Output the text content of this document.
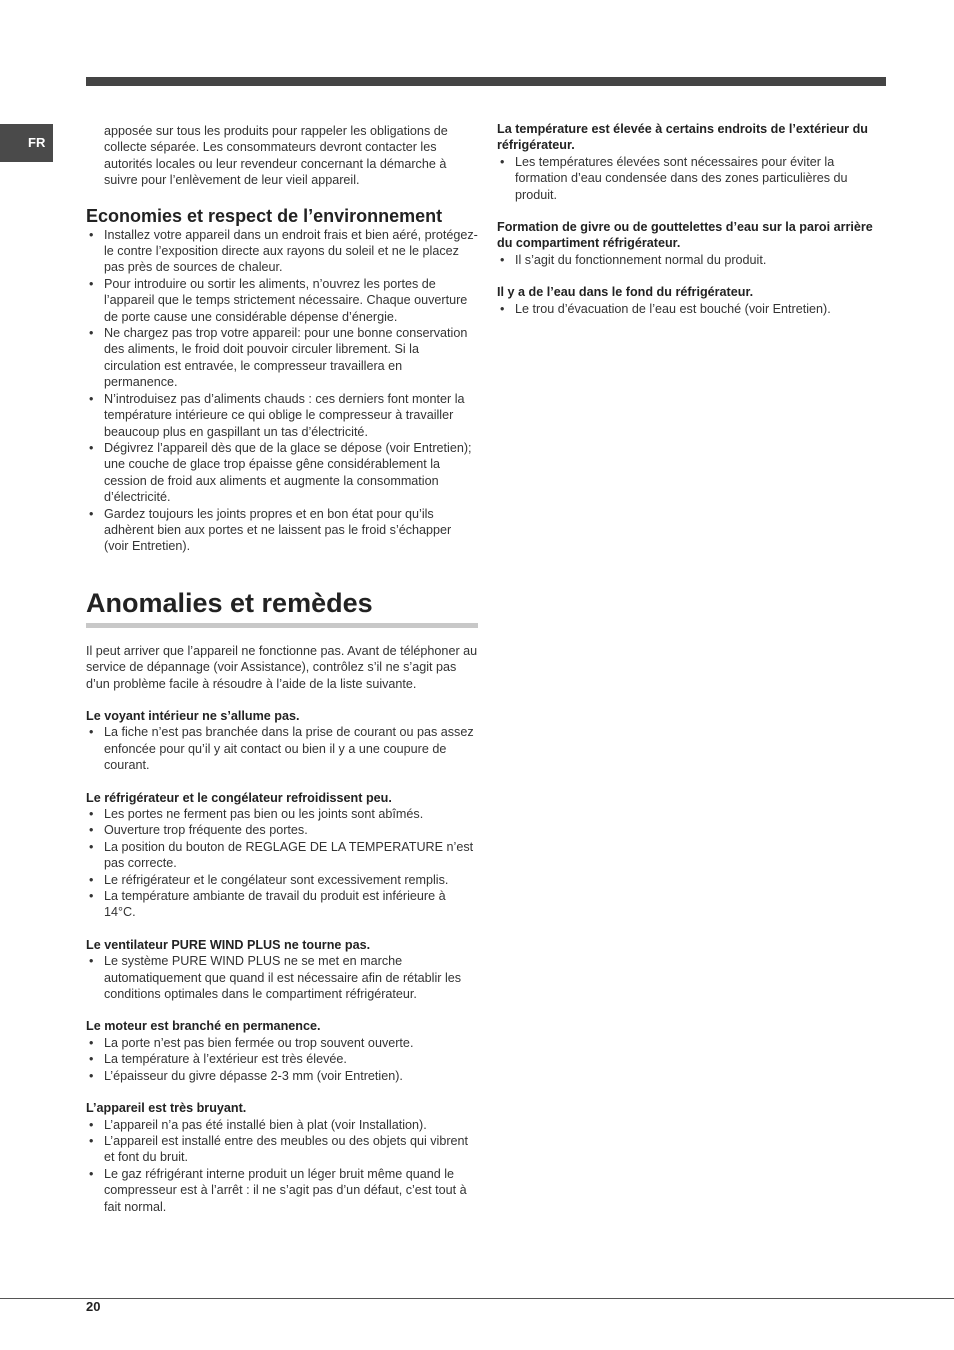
FR

apposée sur tous les produits pour rappeler les obligations de collecte séparée. Les consommateurs devront contacter les autorités locales ou leur revendeur concernant la démarche à suivre pour l’enlèvement de leur vieil appareil.

Economies et respect de l’environnement
• Installez votre appareil dans un endroit frais et bien aéré, protégez-le contre l’exposition directe aux rayons du soleil et ne le placez pas près de sources de chaleur.
• Pour introduire ou sortir les aliments, n’ouvrez les portes de l’appareil que le temps strictement nécessaire. Chaque ouverture de porte cause une considérable dépense d’énergie.
• Ne chargez pas trop votre appareil: pour une bonne conservation des aliments, le froid doit pouvoir circuler librement. Si la circulation est entravée, le compresseur travaillera en permanence.
• N’introduisez pas d’aliments chauds : ces derniers font monter la température intérieure ce qui oblige le compresseur à travailler beaucoup plus en gaspillant un tas d’électricité.
• Dégivrez l’appareil dès que de la glace se dépose (voir Entretien); une couche de glace trop épaisse gêne considérablement la cession de froid aux aliments et augmente la consommation d’électricité.
• Gardez toujours les joints propres et en bon état pour qu’ils adhèrent bien aux portes et ne laissent pas le froid s’échapper (voir Entretien).
Anomalies et remèdes

Il peut arriver que l’appareil ne fonctionne pas. Avant de téléphoner au service de dépannage (voir Assistance), contrôlez s’il ne s’agit pas d’un problème facile à résoudre à l’aide de la liste suivante.

Le voyant intérieur ne s’allume pas.

• La fiche n’est pas branchée dans la prise de courant ou pas assez enfoncée pour qu’il y ait contact ou bien il y a une coupure de courant.

Le réfrigérateur et le congélateur refroidissent peu.

• Les portes ne ferment pas bien ou les joints sont abîmés.
• Ouverture trop fréquente des portes.
• La position du bouton de REGLAGE DE LA TEMPERATURE n’est pas correcte.
• Le réfrigérateur et le congélateur sont excessivement remplis.
• La température ambiante de travail du produit est inférieure à 14°C.

Le ventilateur PURE WIND PLUS ne tourne pas.

• Le système PURE WIND PLUS ne se met en marche automatiquement que quand il est nécessaire afin de rétablir les conditions optimales dans le compartiment réfrigérateur.

Le moteur est branché en permanence.

• La porte n’est pas bien fermée ou trop souvent ouverte.
• La température à l’extérieur est très élevée.
• L’épaisseur du givre dépasse 2-3 mm (voir Entretien).

L’appareil est très bruyant.

• L’appareil n’a pas été installé bien à plat (voir Installation).
• L’appareil est installé entre des meubles ou des objets qui vibrent et font du bruit.
• Le gaz réfrigérant interne produit un léger bruit même quand le compresseur est à l’arrêt : il ne s’agit pas d’un défaut, c’est tout à fait normal.

La température est élevée à certains endroits de l’extérieur du réfrigérateur.

• Les températures élevées sont nécessaires pour éviter la formation d’eau condensée dans des zones particulières du produit.

Formation de givre ou de gouttelettes d’eau sur la paroi arrière du compartiment réfrigérateur.

• Il s’agit du fonctionnement normal du produit.

Il y a de l’eau dans le fond du réfrigérateur.

• Le trou d’évacuation de l’eau est bouché (voir Entretien).
20
